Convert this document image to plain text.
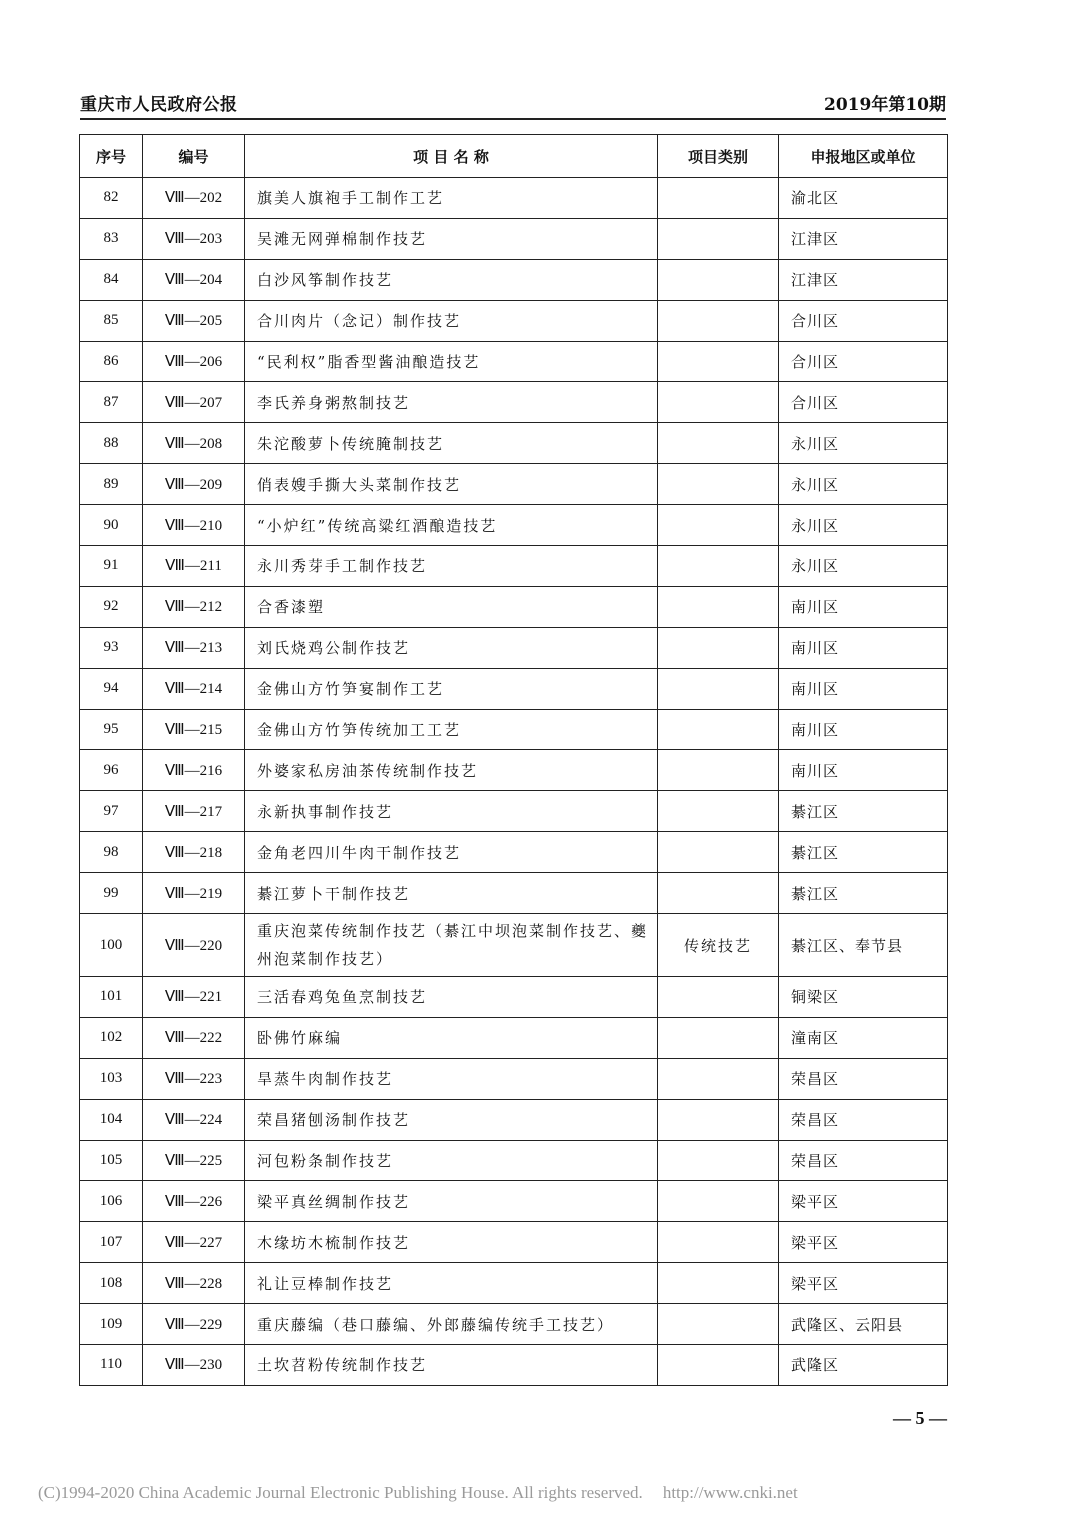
重庆市人民政府公报	2019年第10期
序号	编号	项 目 名 称	项目类别	申报地区或单位
82	Ⅷ—202	旗美人旗袍手工制作工艺		渝北区
83	Ⅷ—203	吴滩无网弹棉制作技艺		江津区
84	Ⅷ—204	白沙风筝制作技艺		江津区
85	Ⅷ—205	合川肉片（念记）制作技艺		合川区
86	Ⅷ—206	“民利权”脂香型酱油酿造技艺		合川区
87	Ⅷ—207	李氏养身粥熬制技艺		合川区
88	Ⅷ—208	朱沱酸萝卜传统腌制技艺		永川区
89	Ⅷ—209	俏表嫂手撕大头菜制作技艺		永川区
90	Ⅷ—210	“小炉红”传统高粱红酒酿造技艺		永川区
91	Ⅷ—211	永川秀芽手工制作技艺		永川区
92	Ⅷ—212	合香漆塑		南川区
93	Ⅷ—213	刘氏烧鸡公制作技艺		南川区
94	Ⅷ—214	金佛山方竹笋宴制作工艺		南川区
95	Ⅷ—215	金佛山方竹笋传统加工工艺		南川区
96	Ⅷ—216	外婆家私房油茶传统制作技艺		南川区
97	Ⅷ—217	永新执事制作技艺		綦江区
98	Ⅷ—218	金角老四川牛肉干制作技艺		綦江区
99	Ⅷ—219	綦江萝卜干制作技艺		綦江区
100	Ⅷ—220	重庆泡菜传统制作技艺（綦江中坝泡菜制作技艺、夔州泡菜制作技艺）	传统技艺	綦江区、奉节县
101	Ⅷ—221	三活春鸡兔鱼烹制技艺		铜梁区
102	Ⅷ—222	卧佛竹麻编		潼南区
103	Ⅷ—223	旱蒸牛肉制作技艺		荣昌区
104	Ⅷ—224	荣昌猪刨汤制作技艺		荣昌区
105	Ⅷ—225	河包粉条制作技艺		荣昌区
106	Ⅷ—226	梁平真丝绸制作技艺		梁平区
107	Ⅷ—227	木缘坊木梳制作技艺		梁平区
108	Ⅷ—228	礼让豆棒制作技艺		梁平区
109	Ⅷ—229	重庆藤编（巷口藤编、外郎藤编传统手工技艺）		武隆区、云阳县
110	Ⅷ—230	土坎苕粉传统制作技艺		武隆区
— 5 —
(C)1994-2020 China Academic Journal Electronic Publishing House. All rights reserved. http://www.cnki.net
